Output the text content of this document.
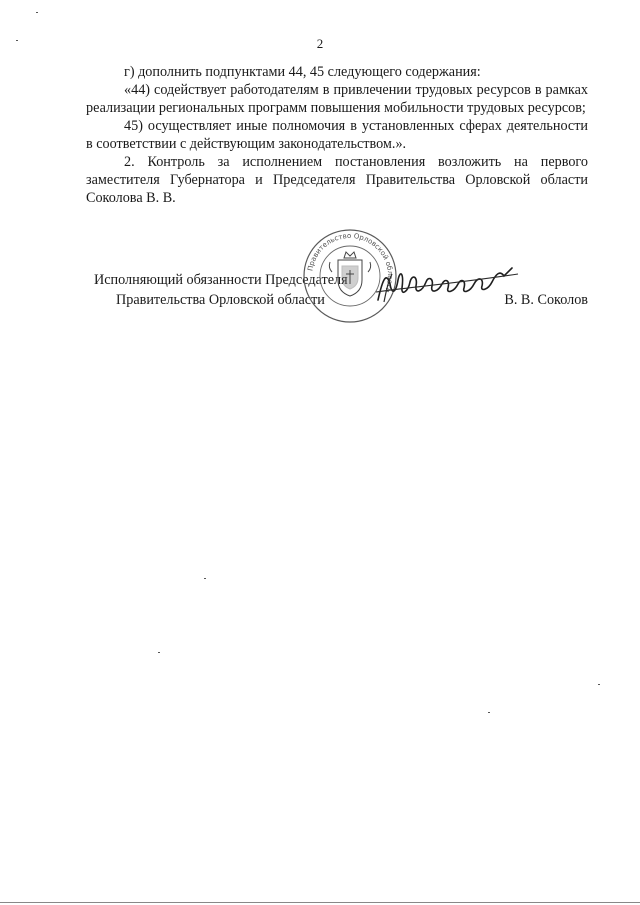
2

г) дополнить подпунктами 44, 45 следующего содержания:

«44) содействует работодателям в привлечении трудовых ресурсов в рамках реализации региональных программ повышения мобильности трудовых ресурсов;

45) осуществляет иные полномочия в установленных сферах деятельности в соответствии с действующим законодательством.».

2. Контроль за исполнением постановления возложить на первого заместителя Губернатора и Председателя Правительства Орловской области Соколова В. В.

Исполняющий обязанности Председателя
Правительства Орловской области	В. В. Соколов
Правительство Орловской области
